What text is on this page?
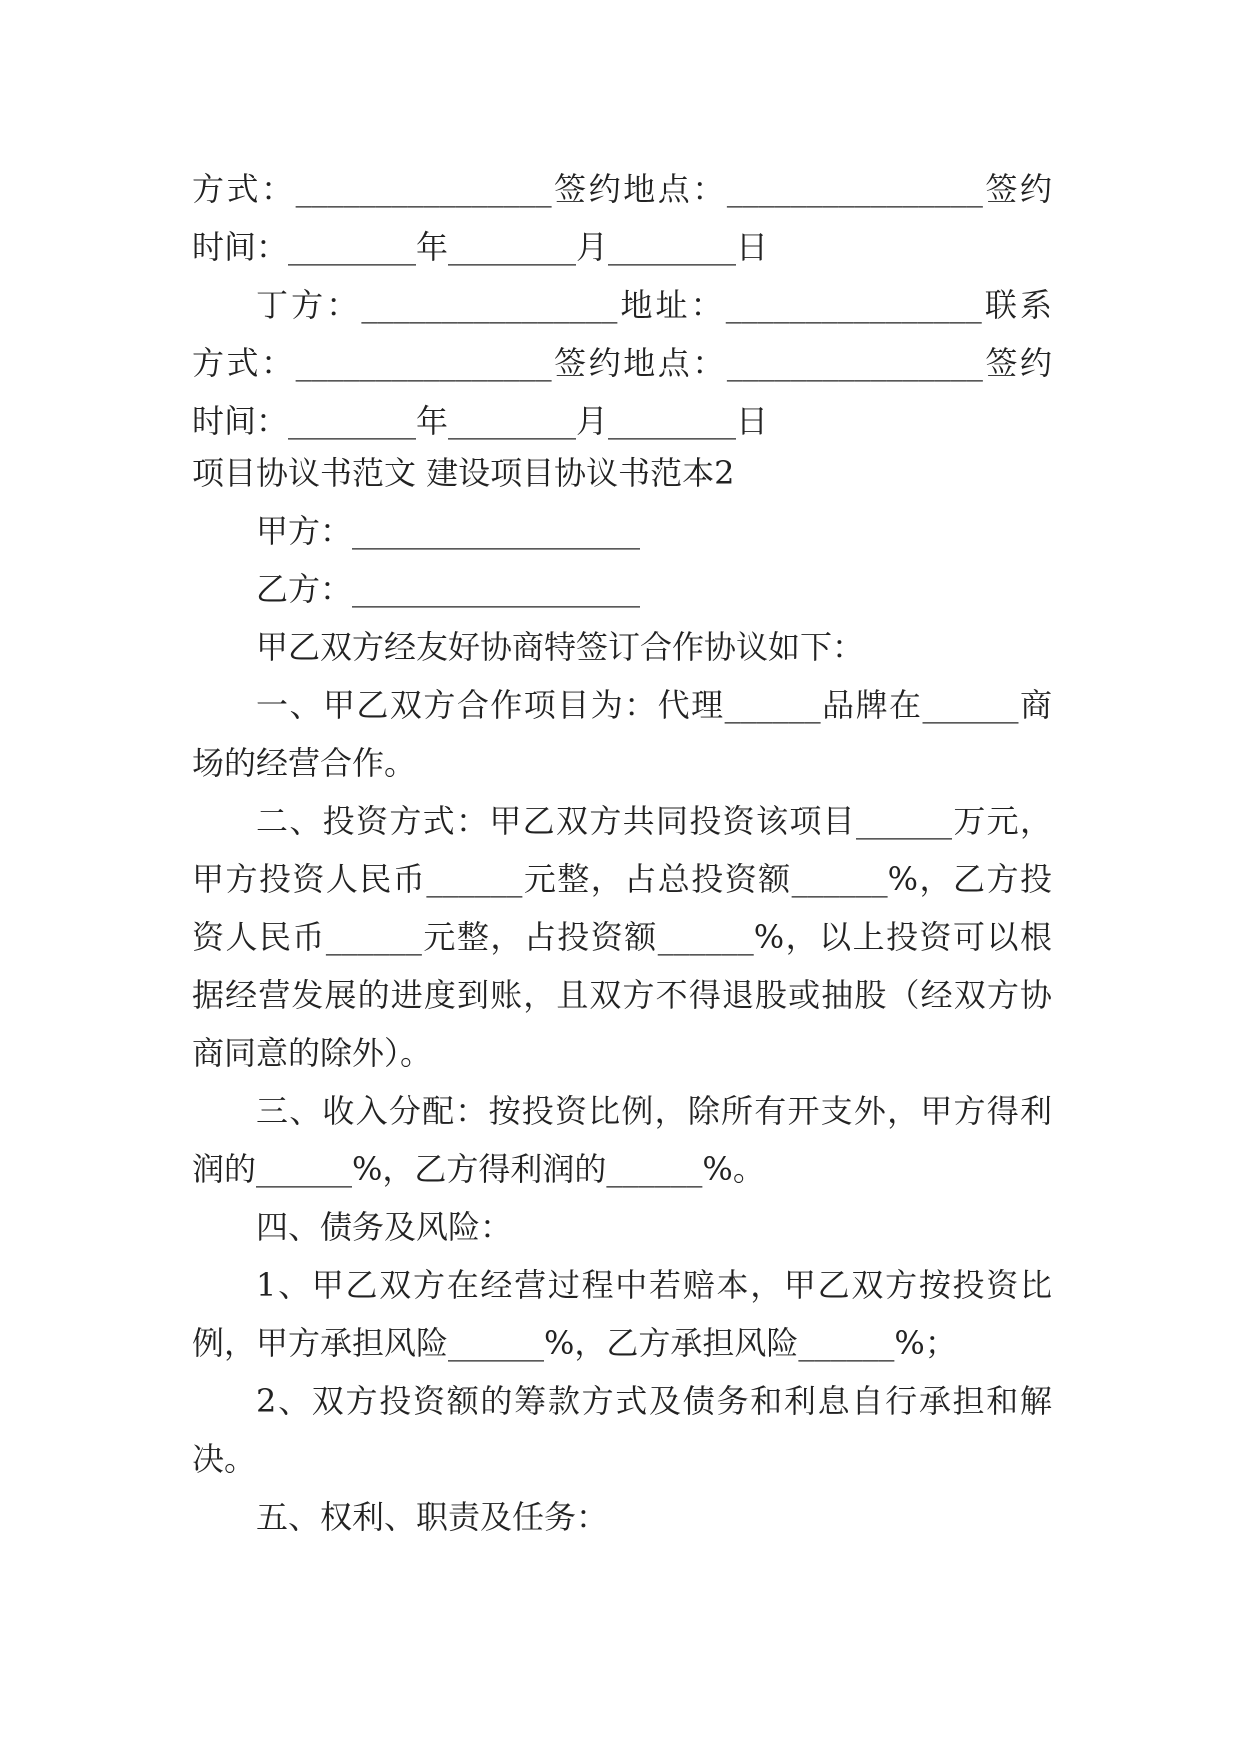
方式：________________签约地点：________________签约
时间：________年________月________日
丁方：________________地址：________________联系
方式：________________签约地点：________________签约
时间：________年________月________日
项目协议书范文 建设项目协议书范本2
甲方：__________________
乙方：__________________
甲乙双方经友好协商特签订合作协议如下：
一、甲乙双方合作项目为：代理______品牌在______商
场的经营合作。
二、投资方式：甲乙双方共同投资该项目______万元，
甲方投资人民币______元整，占总投资额______%，乙方投
资人民币______元整，占投资额______%，以上投资可以根
据经营发展的进度到账，且双方不得退股或抽股（经双方协
商同意的除外）。
三、收入分配：按投资比例，除所有开支外，甲方得利
润的______%，乙方得利润的______%。
四、债务及风险：
1、甲乙双方在经营过程中若赔本，甲乙双方按投资比
例，甲方承担风险______%，乙方承担风险______%；
2、双方投资额的筹款方式及债务和利息自行承担和解
决。
五、权利、职责及任务：
